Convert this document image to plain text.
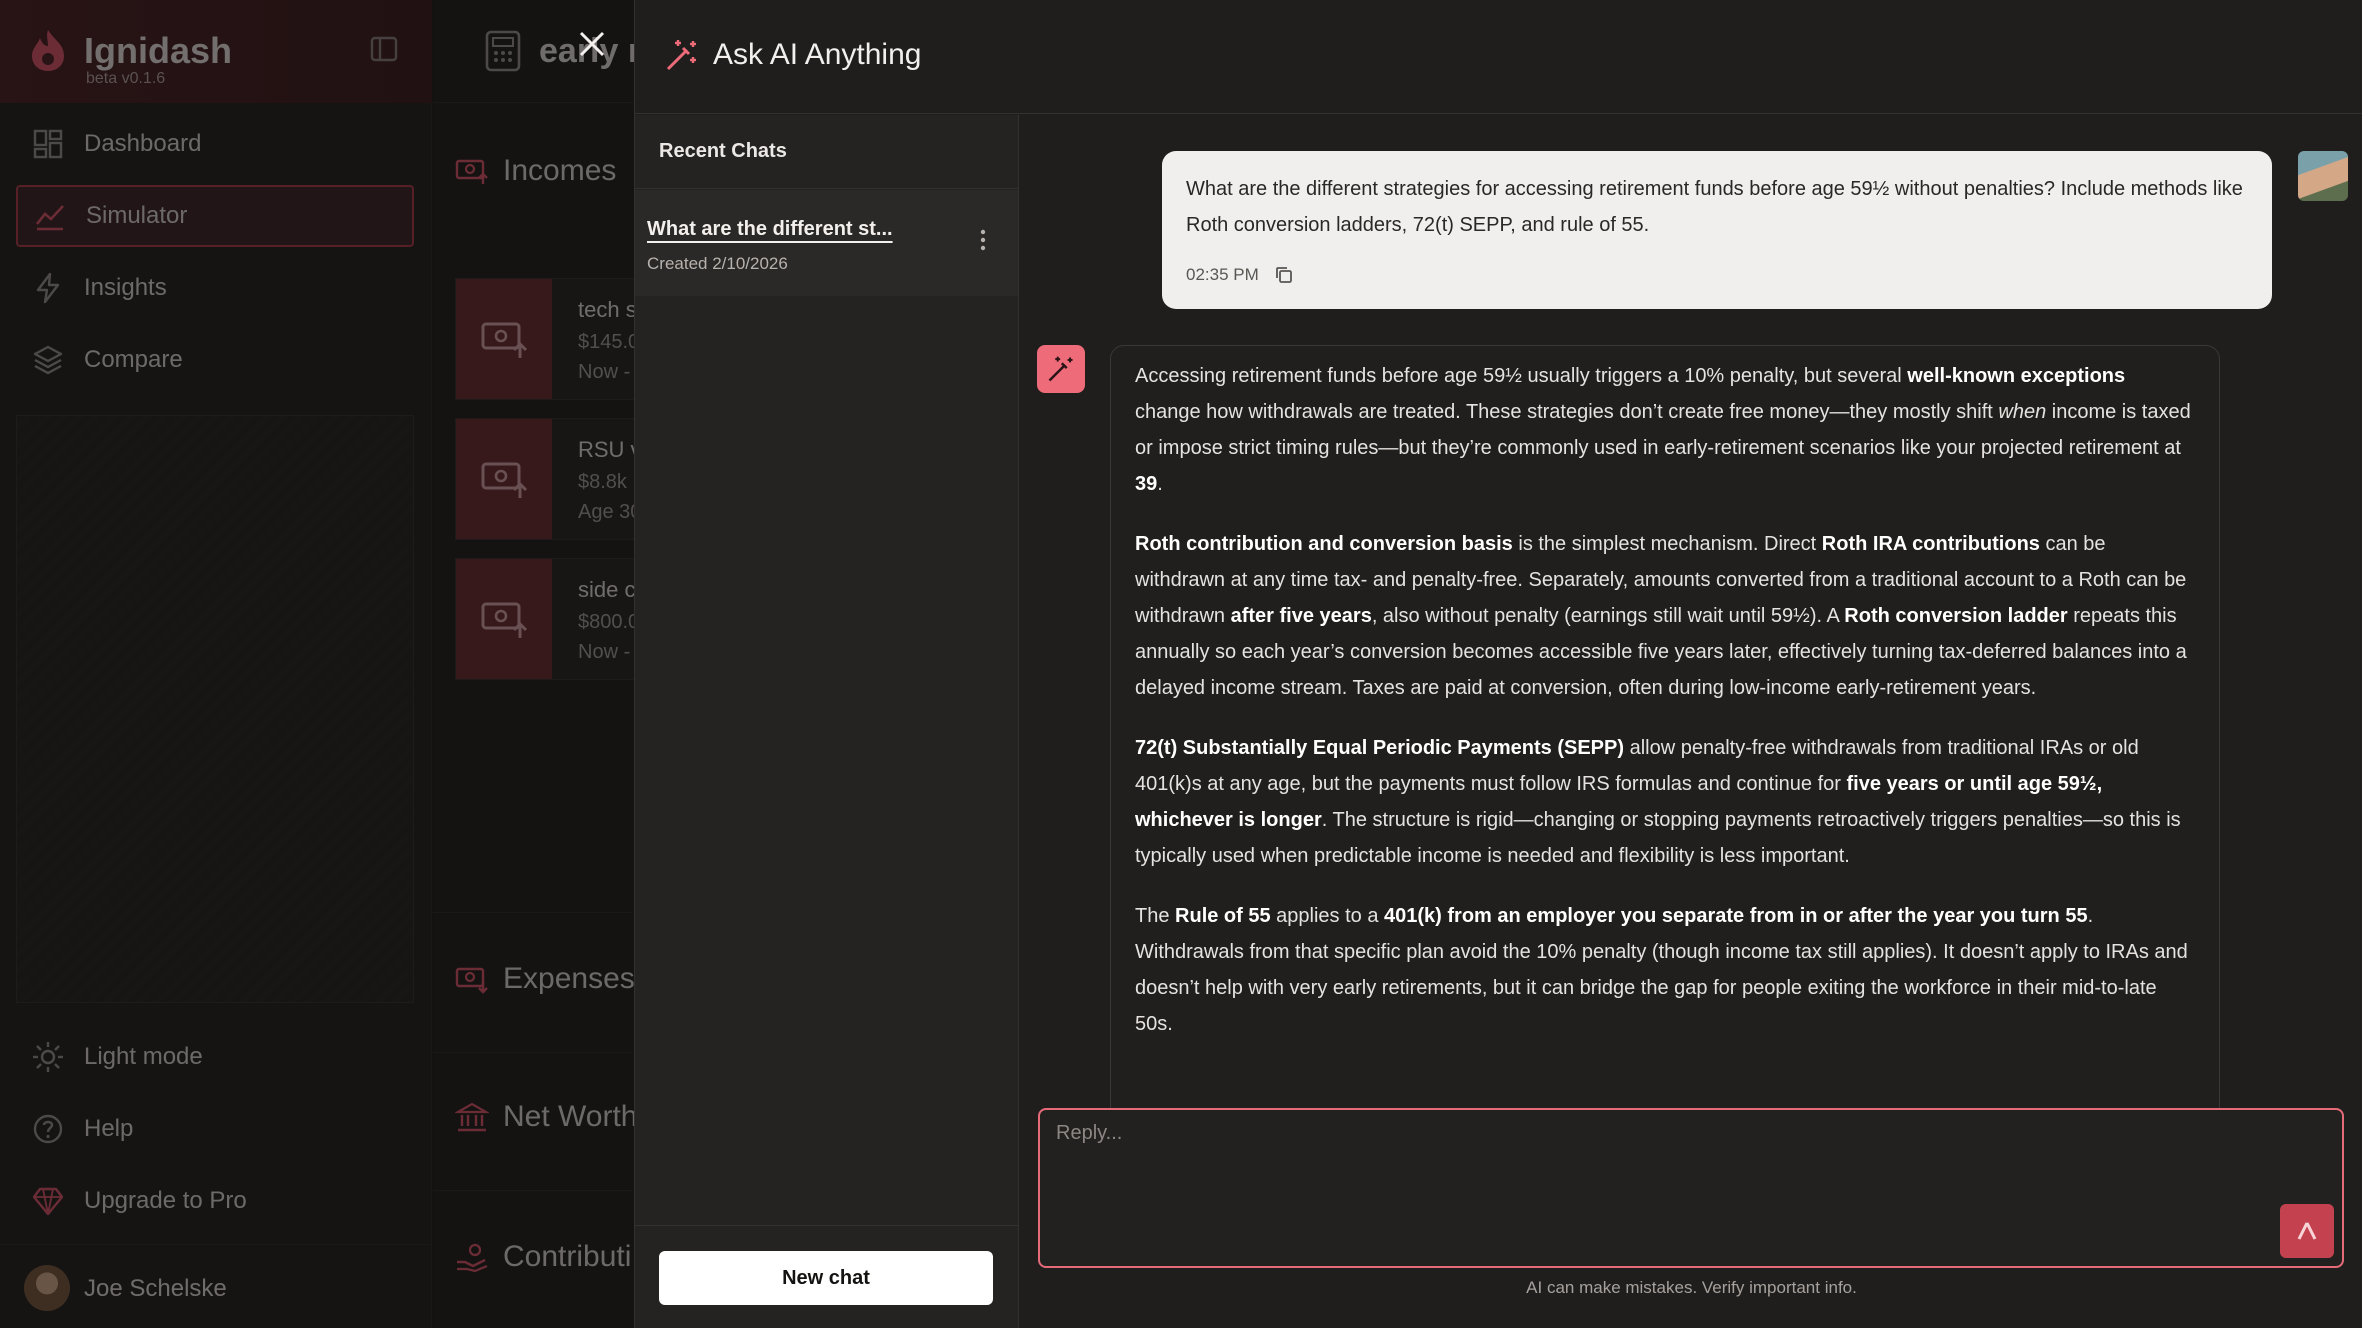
Ask AI Anything
Recent Chats
What are the different st...
Created 2/10/2026
New chat
What are the different strategies for accessing retirement funds before age 59½ without penalties? Include methods like Roth conversion ladders, 72(t) SEPP, and rule of 55.
02:35 PM

Accessing retirement funds before age 59½ usually triggers a 10% penalty, but several well-known exceptions change how withdrawals are treated. These strategies don’t create free money—they mostly shift when income is taxed or impose strict timing rules—but they’re commonly used in early-retirement scenarios like your projected retirement at 39.

Roth contribution and conversion basis is the simplest mechanism. Direct Roth IRA contributions can be withdrawn at any time tax- and penalty-free. Separately, amounts converted from a traditional account to a Roth can be withdrawn after five years, also without penalty (earnings still wait until 59½). A Roth conversion ladder repeats this annually so each year’s conversion becomes accessible five years later, effectively turning tax-deferred balances into a delayed income stream. Taxes are paid at conversion, often during low-income early-retirement years.

72(t) Substantially Equal Periodic Payments (SEPP) allow penalty-free withdrawals from traditional IRAs or old 401(k)s at any age, but the payments must follow IRS formulas and continue for five years or until age 59½, whichever is longer. The structure is rigid—changing or stopping payments retroactively triggers penalties—so this is typically used when predictable income is needed and flexibility is less important.

The Rule of 55 applies to a 401(k) from an employer you separate from in or after the year you turn 55. Withdrawals from that specific plan avoid the 10% penalty (though income tax still applies). It doesn’t apply to IRAs and doesn’t help with very early retirements, but it can bridge the gap for people exiting the workforce in their mid-to-late 50s.

Reply...
AI can make mistakes. Verify important info.
